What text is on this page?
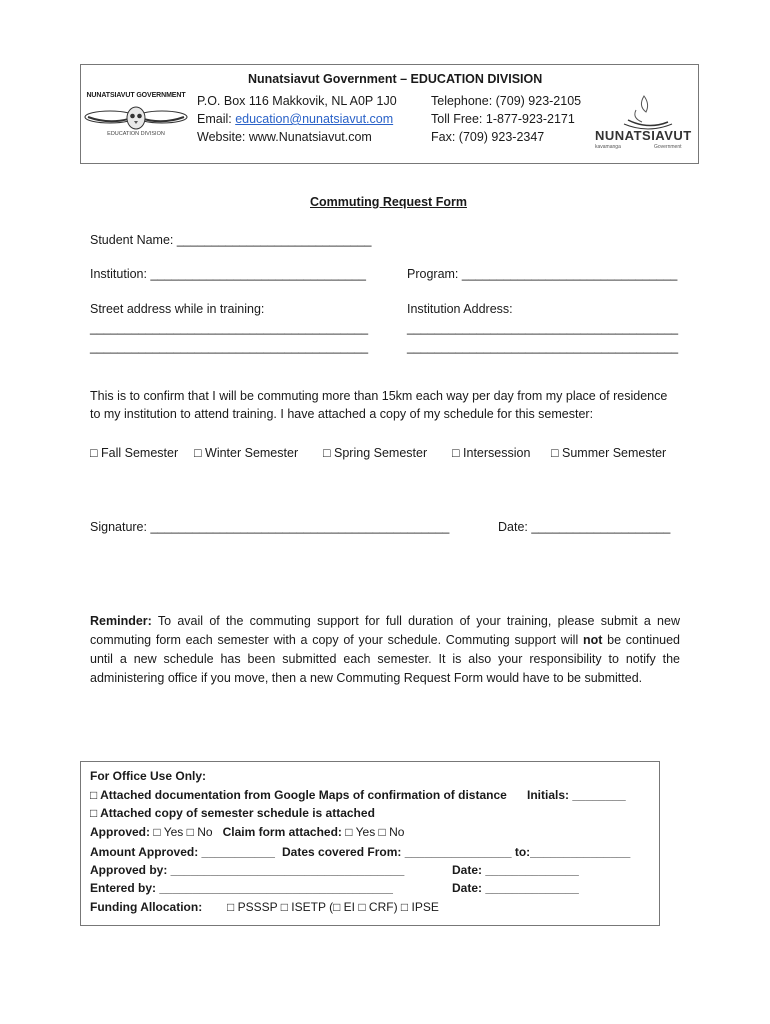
NUNATSIAVUT GOVERNMENT
EDUCATION DIVISION
Nunatsiavut Government – EDUCATION DIVISION
P.O. Box 116 Makkovik, NL A0P 1J0
Email: education@nunatsiavut.com
Website: www.Nunatsiavut.com
Telephone: (709) 923-2105
Toll Free: 1-877-923-2171
Fax: (709) 923-2347	NUNATSIAVUT
kavamanga	Government
Commuting Request Form
Student Name: ____________________________
Institution: _______________________________	Program: _______________________________
Street address while in training:	Institution Address:
________________________________________
________________________________________
_______________________________________
_______________________________________
This is to confirm that I will be commuting more than 15km each way per day from my place of residence
to my institution to attend training. I have attached a copy of my schedule for this semester:
□ Fall Semester □ Winter Semester □ Spring Semester □ Intersession □ Summer Semester
Signature: ___________________________________________	Date: ____________________
Reminder: To avail of the commuting support for full duration of your training, please submit a new
commuting form each semester with a copy of your schedule. Commuting support will not be continued
until a new schedule has been submitted each semester. It is also your responsibility to notify the
administering office if you move, then a new Commuting Request Form would have to be submitted.
For Office Use Only:
□ Attached documentation from Google Maps of confirmation of distance Initials: ________
□ Attached copy of semester schedule is attached
Approved: □ Yes □ No Claim form attached: □ Yes □ No
Amount Approved: ___________ Dates covered From: ________________ to:_______________
Approved by: ___________________________________	Date: ______________
Entered by: ___________________________________	Date: ______________
Funding Allocation: □ PSSSP □ ISETP (□ EI □ CRF) □ IPSE
